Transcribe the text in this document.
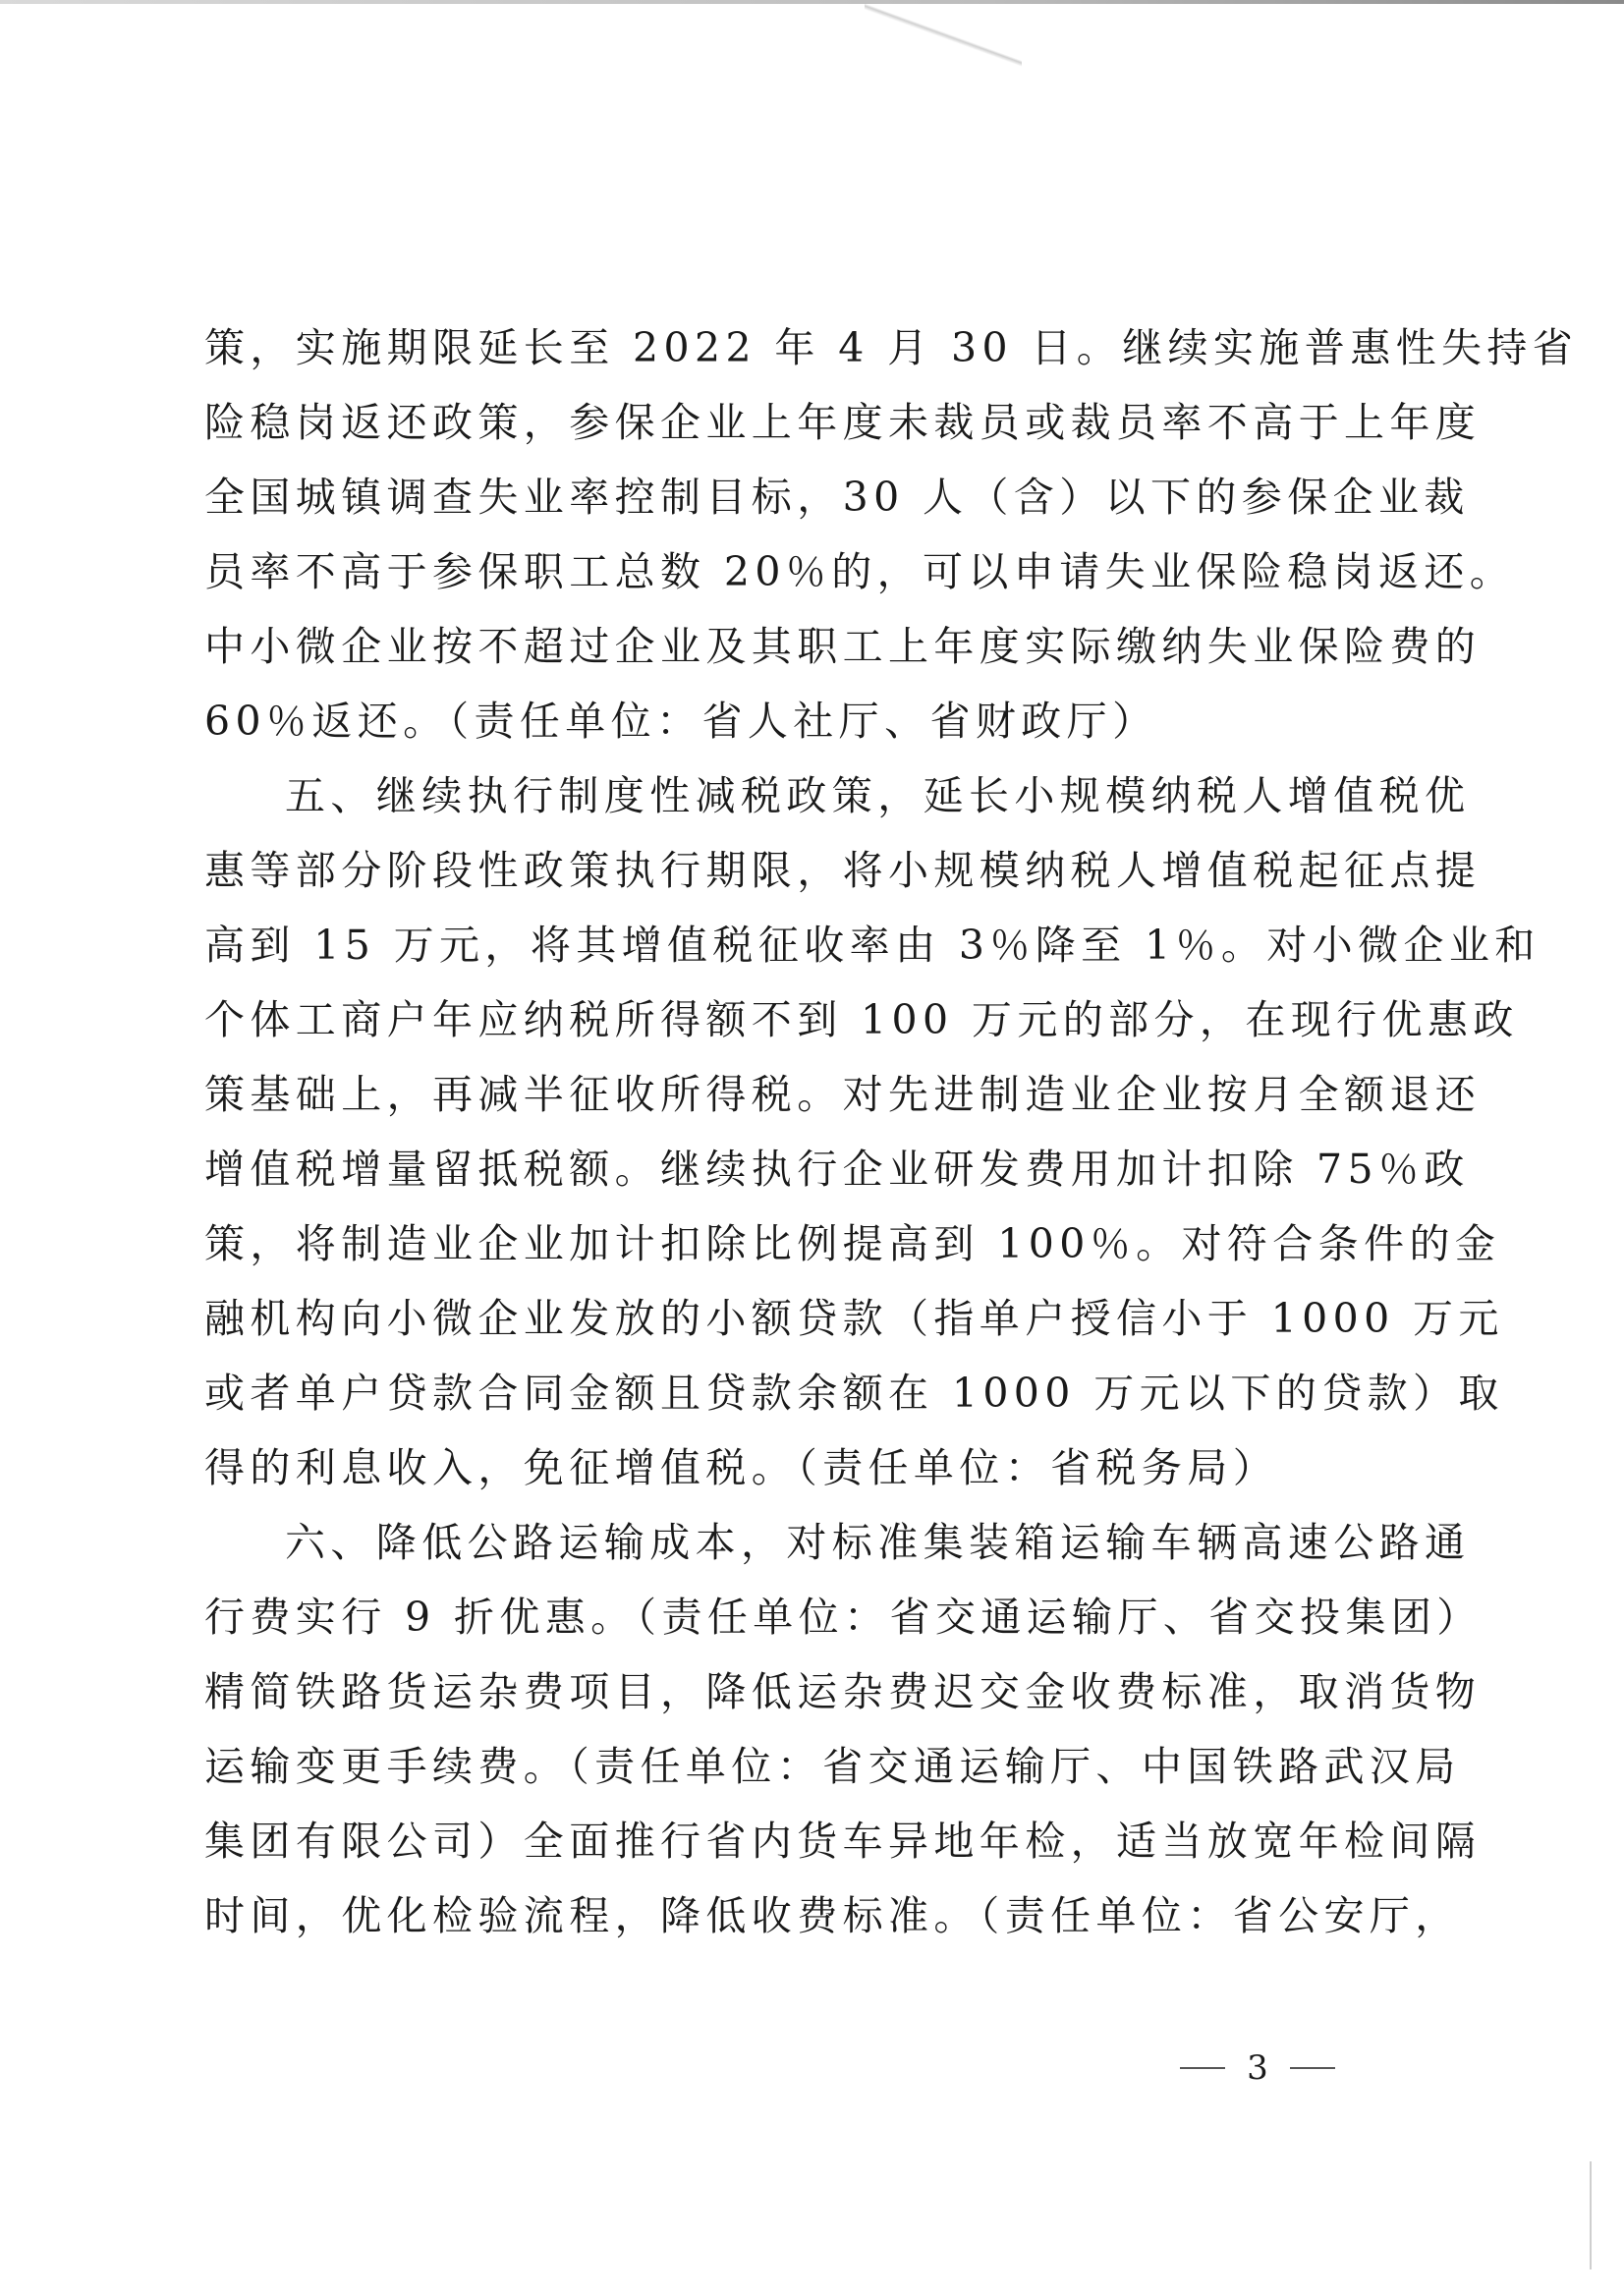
策，实施期限延长至 2022 年 4 月 30 日。继续实施普惠性失持省
险稳岗返还政策，参保企业上年度未裁员或裁员率不高于上年度
全国城镇调查失业率控制目标，30 人（含）以下的参保企业裁
员率不高于参保职工总数 20％的，可以申请失业保险稳岗返还。
中小微企业按不超过企业及其职工上年度实际缴纳失业保险费的
60％返还。（责任单位：省人社厅、省财政厅）
五、继续执行制度性减税政策，延长小规模纳税人增值税优
惠等部分阶段性政策执行期限，将小规模纳税人增值税起征点提
高到 15 万元，将其增值税征收率由 3％降至 1％。对小微企业和
个体工商户年应纳税所得额不到 100 万元的部分，在现行优惠政
策基础上，再减半征收所得税。对先进制造业企业按月全额退还
增值税增量留抵税额。继续执行企业研发费用加计扣除 75％政
策，将制造业企业加计扣除比例提高到 100％。对符合条件的金
融机构向小微企业发放的小额贷款（指单户授信小于 1000 万元
或者单户贷款合同金额且贷款余额在 1000 万元以下的贷款）取
得的利息收入，免征增值税。（责任单位：省税务局）
六、降低公路运输成本，对标准集装箱运输车辆高速公路通
行费实行 9 折优惠。（责任单位：省交通运输厅、省交投集团）
精简铁路货运杂费项目，降低运杂费迟交金收费标准，取消货物
运输变更手续费。（责任单位：省交通运输厅、中国铁路武汉局
集团有限公司）全面推行省内货车异地年检，适当放宽年检间隔
时间，优化检验流程，降低收费标准。（责任单位：省公安厅，
3
